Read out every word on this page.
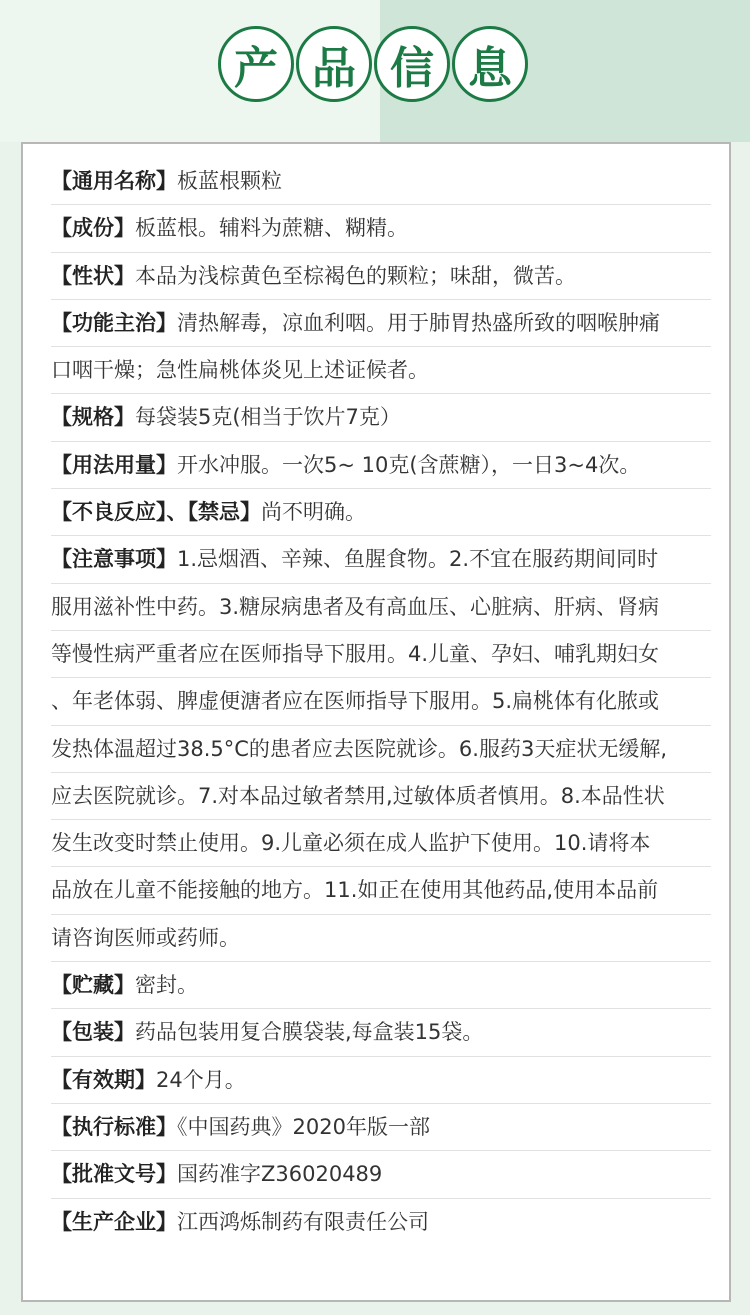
产 品 信 息
【通用名称】板蓝根颗粒
【成份】板蓝根。辅料为蔗糖、糊精。
【性状】本品为浅棕黄色至棕褐色的颗粒；味甜，微苦。
【功能主治】清热解毒，凉血利咽。用于肺胃热盛所致的咽喉肿痛
口咽干燥；急性扁桃体炎见上述证候者。
【规格】每袋装5克(相当于饮片7克）
【用法用量】开水冲服。一次5~ 10克(含蔗糖），一日3~4次。
【不良反应】、【禁忌】尚不明确。
【注意事项】1.忌烟酒、辛辣、鱼腥食物。2.不宜在服药期间同时
服用滋补性中药。3.糖尿病患者及有高血压、心脏病、肝病、肾病
等慢性病严重者应在医师指导下服用。4.儿童、孕妇、哺乳期妇女
、年老体弱、脾虚便溏者应在医师指导下服用。5.扁桃体有化脓或
发热体温超过38.5°C的患者应去医院就诊。6.服药3天症状无缓解,
应去医院就诊。7.对本品过敏者禁用,过敏体质者慎用。8.本品性状
发生改变时禁止使用。9.儿童必须在成人监护下使用。10.请将本
品放在儿童不能接触的地方。11.如正在使用其他药品,使用本品前
请咨询医师或药师。
【贮藏】密封。
【包装】药品包装用复合膜袋装,每盒装15袋。
【有效期】24个月。
【执行标准】《中国药典》2020年版一部
【批准文号】国药准字Z36020489
【生产企业】江西鸿烁制药有限责任公司
